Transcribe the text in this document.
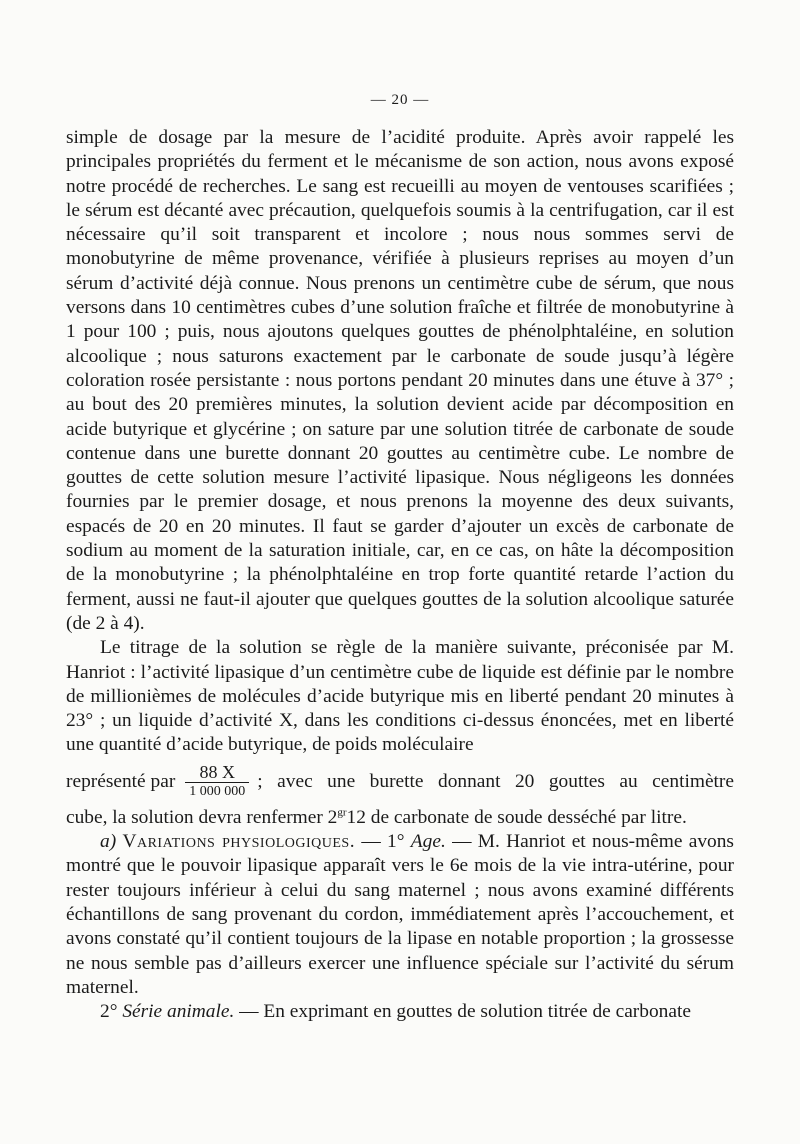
— 20 —

simple de dosage par la mesure de l’acidité produite. Après avoir rappelé les principales propriétés du ferment et le mécanisme de son action, nous avons exposé notre procédé de recherches. Le sang est recueilli au moyen de ventouses scarifiées ; le sérum est décanté avec précaution, quelquefois soumis à la centrifugation, car il est nécessaire qu’il soit transparent et incolore ; nous nous sommes servi de monobutyrine de même provenance, vérifiée à plusieurs reprises au moyen d’un sérum d’activité déjà connue. Nous prenons un centimètre cube de sérum, que nous versons dans 10 centimètres cubes d’une solution fraîche et filtrée de monobutyrine à 1 pour 100 ; puis, nous ajoutons quelques gouttes de phénolphtaléine, en solution alcoolique ; nous saturons exactement par le carbonate de soude jusqu’à légère coloration rosée persistante : nous portons pendant 20 minutes dans une étuve à 37° ; au bout des 20 premières minutes, la solution devient acide par décomposition en acide butyrique et glycérine ; on sature par une solution titrée de carbonate de soude contenue dans une burette donnant 20 gouttes au centimètre cube. Le nombre de gouttes de cette solution mesure l’activité lipasique. Nous négligeons les données fournies par le premier dosage, et nous prenons la moyenne des deux suivants, espacés de 20 en 20 minutes. Il faut se garder d’ajouter un excès de carbonate de sodium au moment de la saturation initiale, car, en ce cas, on hâte la décomposition de la monobutyrine ; la phénolphtaléine en trop forte quantité retarde l’action du ferment, aussi ne faut-il ajouter que quelques gouttes de la solution alcoolique saturée (de 2 à 4).

Le titrage de la solution se règle de la manière suivante, préconisée par M. Hanriot : l’activité lipasique d’un centimètre cube de liquide est définie par le nombre de millionièmes de molécules d’acide butyrique mis en liberté pendant 20 minutes à 23° ; un liquide d’activité X, dans les conditions ci-dessus énoncées, met en liberté une quantité d’acide butyrique, de poids moléculaire

représenté par $\frac{88 X}{1 000 000}$ ; avec une burette donnant 20 gouttes au centimètre

cube, la solution devra renfermer $2^{gr}12$ de carbonate de soude desséché par litre.

a) Variations physiologiques. — 1° Age. — M. Hanriot et nous-même avons montré que le pouvoir lipasique apparaît vers le 6e mois de la vie intra-utérine, pour rester toujours inférieur à celui du sang maternel ; nous avons examiné différents échantillons de sang provenant du cordon, immédiatement après l’accouchement, et avons constaté qu’il contient toujours de la lipase en notable proportion ; la grossesse ne nous semble pas d’ailleurs exercer une influence spéciale sur l’activité du sérum maternel.

2° Série animale. — En exprimant en gouttes de solution titrée de carbonate
